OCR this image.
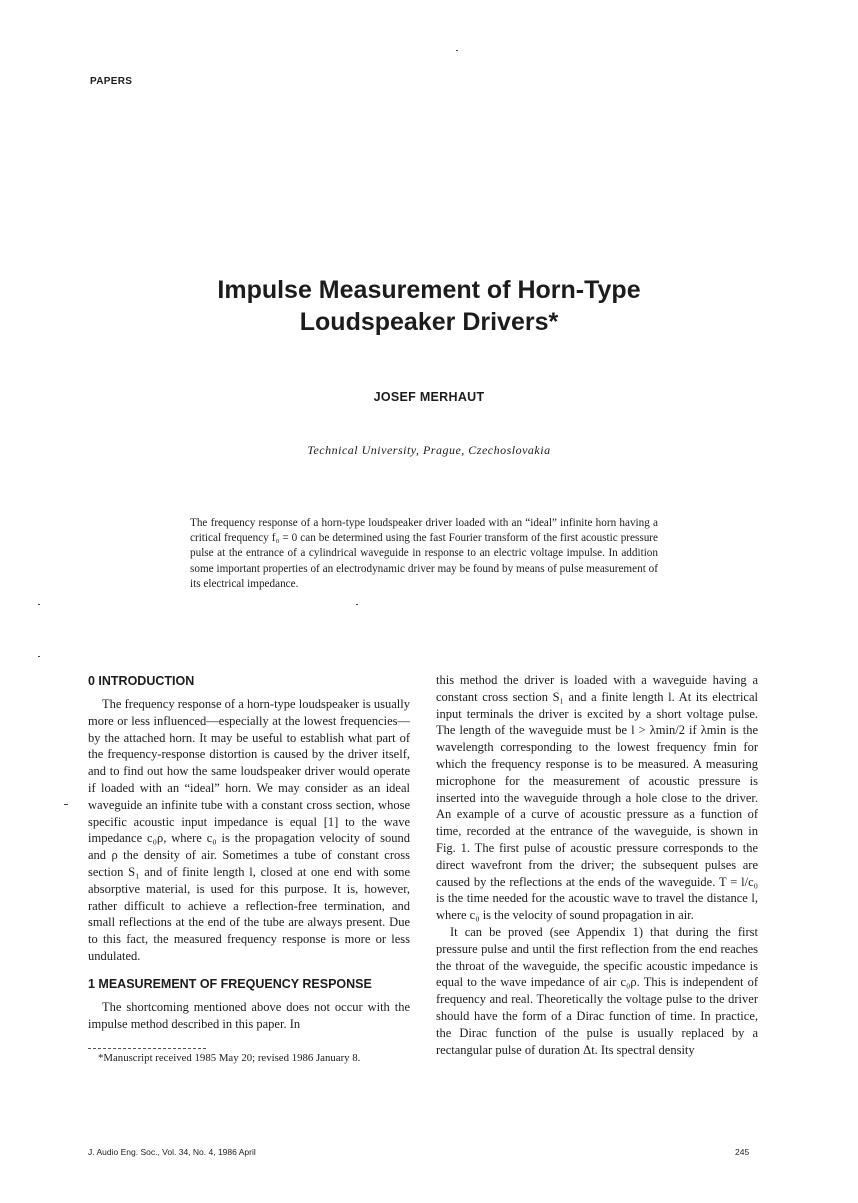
PAPERS
Impulse Measurement of Horn-Type
Loudspeaker Drivers*
JOSEF MERHAUT
Technical University, Prague, Czechoslovakia
The frequency response of a horn-type loudspeaker driver loaded with an “ideal” infinite horn having a critical frequency f₀ = 0 can be determined using the fast Fourier transform of the first acoustic pressure pulse at the entrance of a cylindrical waveguide in response to an electric voltage impulse. In addition some important properties of an electrodynamic driver may be found by means of pulse measurement of its electrical impedance.
0 INTRODUCTION

The frequency response of a horn-type loudspeaker is usually more or less influenced—especially at the lowest frequencies—by the attached horn. It may be useful to establish what part of the frequency-response distortion is caused by the driver itself, and to find out how the same loudspeaker driver would operate if loaded with an “ideal” horn. We may consider as an ideal waveguide an infinite tube with a constant cross section, whose specific acoustic input impedance is equal [1] to the wave impedance c₀ρ, where c₀ is the propagation velocity of sound and ρ the density of air. Sometimes a tube of constant cross section S₁ and of finite length l, closed at one end with some absorptive material, is used for this purpose. It is, however, rather difficult to achieve a reflection-free termination, and small reflections at the end of the tube are always present. Due to this fact, the measured frequency response is more or less undulated.

1 MEASUREMENT OF FREQUENCY RESPONSE

The shortcoming mentioned above does not occur with the impulse method described in this paper. In

this method the driver is loaded with a waveguide having a constant cross section S₁ and a finite length l. At its electrical input terminals the driver is excited by a short voltage pulse. The length of the waveguide must be l > λmin/2 if λmin is the wavelength corresponding to the lowest frequency fmin for which the frequency response is to be measured. A measuring microphone for the measurement of acoustic pressure is inserted into the waveguide through a hole close to the driver. An example of a curve of acoustic pressure as a function of time, recorded at the entrance of the waveguide, is shown in Fig. 1. The first pulse of acoustic pressure corresponds to the direct wavefront from the driver; the subsequent pulses are caused by the reflections at the ends of the waveguide. T = l/c₀ is the time needed for the acoustic wave to travel the distance l, where c₀ is the velocity of sound propagation in air.

It can be proved (see Appendix 1) that during the first pressure pulse and until the first reflection from the end reaches the throat of the waveguide, the specific acoustic impedance is equal to the wave impedance of air c₀ρ. This is independent of frequency and real. Theoretically the voltage pulse to the driver should have the form of a Dirac function of time. In practice, the Dirac function of the pulse is usually replaced by a rectangular pulse of duration Δt. Its spectral density

*Manuscript received 1985 May 20; revised 1986 January 8.
J. Audio Eng. Soc., Vol. 34, No. 4, 1986 April	245
